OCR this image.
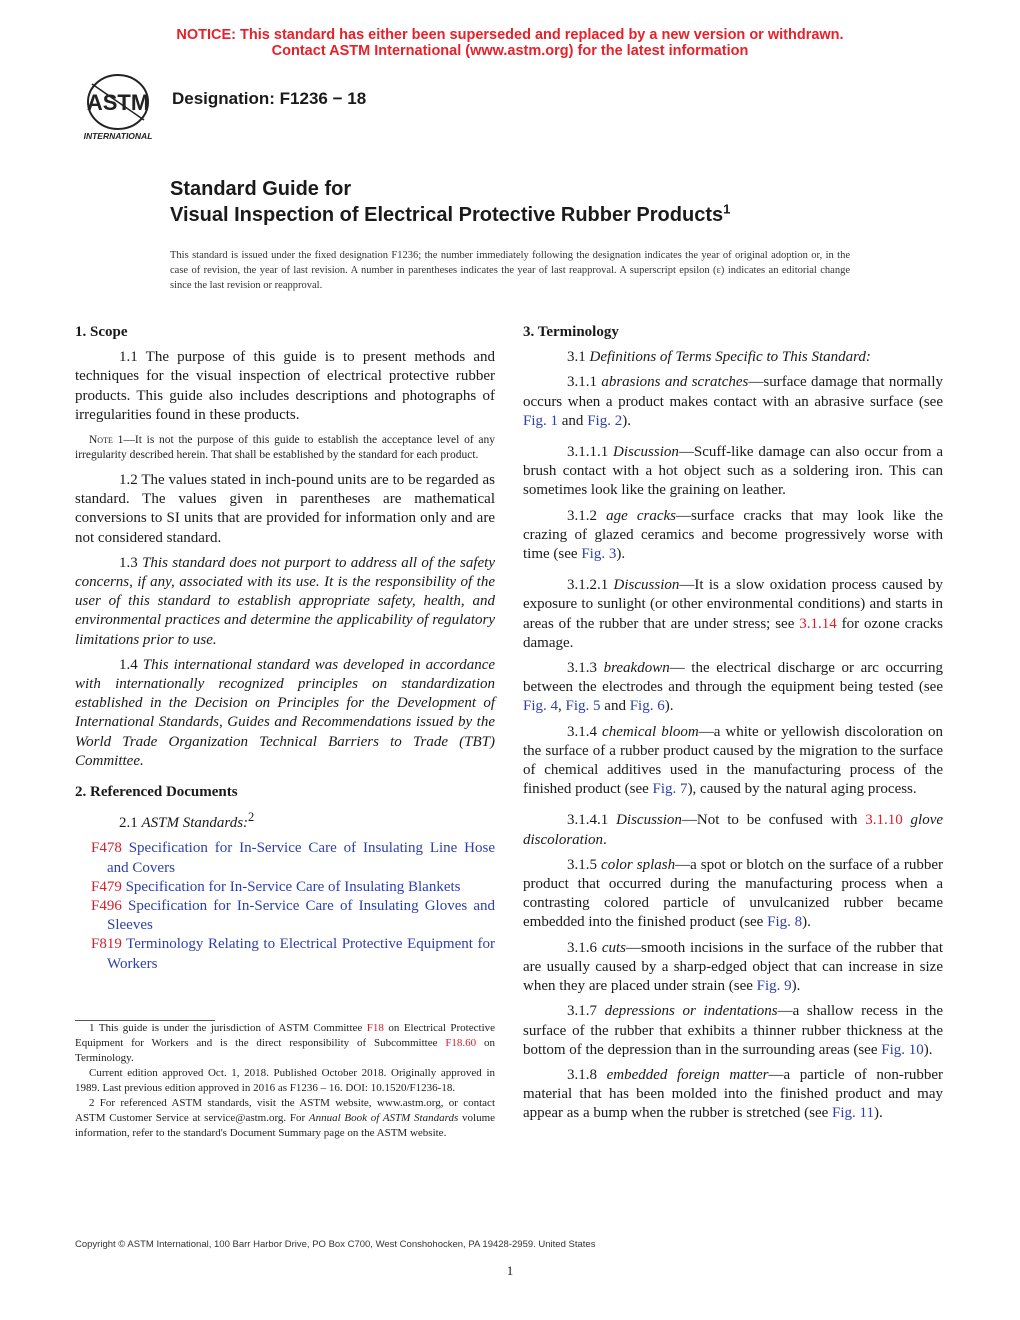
NOTICE: This standard has either been superseded and replaced by a new version or withdrawn.
Contact ASTM International (www.astm.org) for the latest information
ASTM
INTERNATIONAL
Designation: F1236 − 18
Standard Guide for
Visual Inspection of Electrical Protective Rubber Products$^1$
This standard is issued under the fixed designation F1236; the number immediately following the designation indicates the year of original adoption or, in the case of revision, the year of last revision. A number in parentheses indicates the year of last reapproval. A superscript epsilon (ε) indicates an editorial change since the last revision or reapproval.
1. Scope
1.1 The purpose of this guide is to present methods and techniques for the visual inspection of electrical protective rubber products. This guide also includes descriptions and photographs of irregularities found in these products.
Note 1—It is not the purpose of this guide to establish the acceptance level of any irregularity described herein. That shall be established by the standard for each product.
1.2 The values stated in inch-pound units are to be regarded as standard. The values given in parentheses are mathematical conversions to SI units that are provided for information only and are not considered standard.
1.3 This standard does not purport to address all of the safety concerns, if any, associated with its use. It is the responsibility of the user of this standard to establish appropriate safety, health, and environmental practices and determine the applicability of regulatory limitations prior to use.
1.4 This international standard was developed in accordance with internationally recognized principles on standardization established in the Decision on Principles for the Development of International Standards, Guides and Recommendations issued by the World Trade Organization Technical Barriers to Trade (TBT) Committee.
2. Referenced Documents
2.1 ASTM Standards:$^2$
F478 Specification for In-Service Care of Insulating Line Hose and Covers
F479 Specification for In-Service Care of Insulating Blankets
F496 Specification for In-Service Care of Insulating Gloves and Sleeves
F819 Terminology Relating to Electrical Protective Equipment for Workers
1 This guide is under the jurisdiction of ASTM Committee F18 on Electrical Protective Equipment for Workers and is the direct responsibility of Subcommittee F18.60 on Terminology.
Current edition approved Oct. 1, 2018. Published October 2018. Originally approved in 1989. Last previous edition approved in 2016 as F1236 – 16. DOI: 10.1520/F1236-18.
2 For referenced ASTM standards, visit the ASTM website, www.astm.org, or contact ASTM Customer Service at service@astm.org. For Annual Book of ASTM Standards volume information, refer to the standard's Document Summary page on the ASTM website.
3. Terminology
3.1 Definitions of Terms Specific to This Standard:
3.1.1 abrasions and scratches—surface damage that normally occurs when a product makes contact with an abrasive surface (see Fig. 1 and Fig. 2).
3.1.1.1 Discussion—Scuff-like damage can also occur from a brush contact with a hot object such as a soldering iron. This can sometimes look like the graining on leather.
3.1.2 age cracks—surface cracks that may look like the crazing of glazed ceramics and become progressively worse with time (see Fig. 3).
3.1.2.1 Discussion—It is a slow oxidation process caused by exposure to sunlight (or other environmental conditions) and starts in areas of the rubber that are under stress; see 3.1.14 for ozone cracks damage.
3.1.3 breakdown— the electrical discharge or arc occurring between the electrodes and through the equipment being tested (see Fig. 4, Fig. 5 and Fig. 6).
3.1.4 chemical bloom—a white or yellowish discoloration on the surface of a rubber product caused by the migration to the surface of chemical additives used in the manufacturing process of the finished product (see Fig. 7), caused by the natural aging process.
3.1.4.1 Discussion—Not to be confused with 3.1.10 glove discoloration.
3.1.5 color splash—a spot or blotch on the surface of a rubber product that occurred during the manufacturing process when a contrasting colored particle of unvulcanized rubber became embedded into the finished product (see Fig. 8).
3.1.6 cuts—smooth incisions in the surface of the rubber that are usually caused by a sharp-edged object that can increase in size when they are placed under strain (see Fig. 9).
3.1.7 depressions or indentations—a shallow recess in the surface of the rubber that exhibits a thinner rubber thickness at the bottom of the depression than in the surrounding areas (see Fig. 10).
3.1.8 embedded foreign matter—a particle of non-rubber material that has been molded into the finished product and may appear as a bump when the rubber is stretched (see Fig. 11).
Copyright © ASTM International, 100 Barr Harbor Drive, PO Box C700, West Conshohocken, PA 19428-2959. United States
1
